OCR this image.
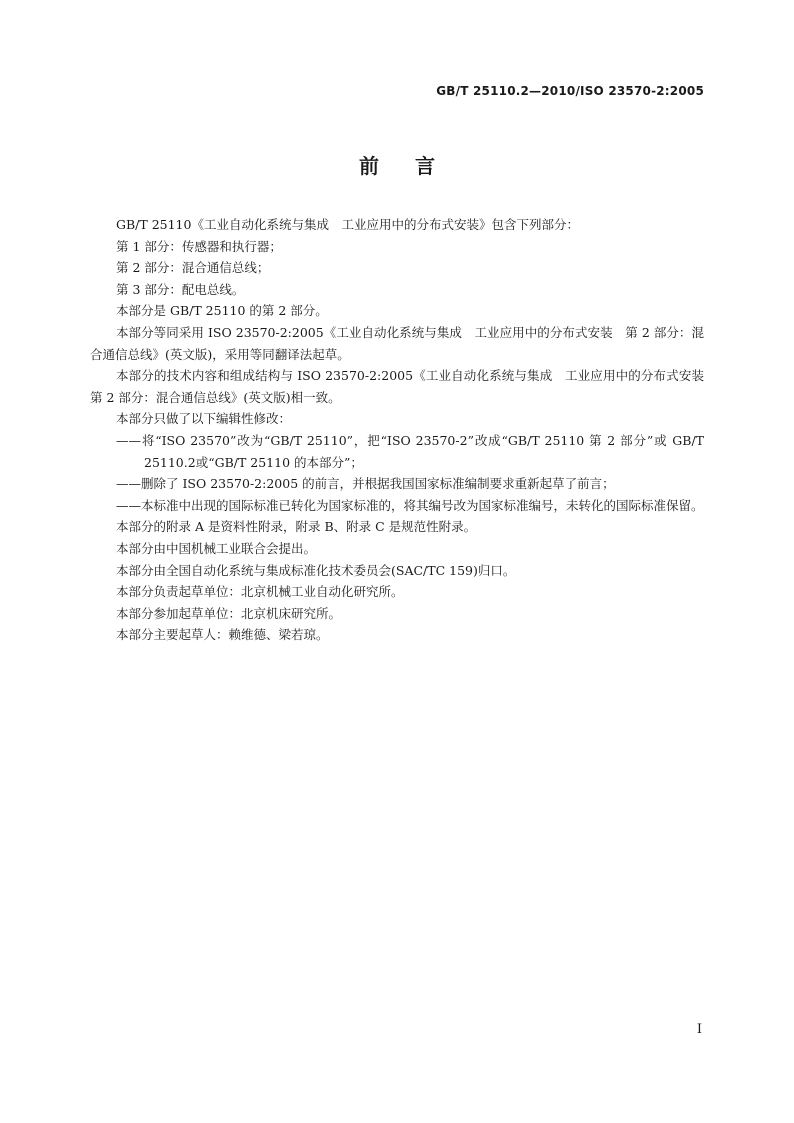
GB/T 25110.2—2010/ISO 23570-2:2005
前言

GB/T 25110《工业自动化系统与集成　工业应用中的分布式安装》包含下列部分：

第 1 部分：传感器和执行器；

第 2 部分：混合通信总线；

第 3 部分：配电总线。

本部分是 GB/T 25110 的第 2 部分。

本部分等同采用 ISO 23570-2:2005《工业自动化系统与集成　工业应用中的分布式安装　第 2 部分：混合通信总线》(英文版)，采用等同翻译法起草。

本部分的技术内容和组成结构与 ISO 23570-2:2005《工业自动化系统与集成　工业应用中的分布式安装　第 2 部分：混合通信总线》(英文版)相一致。

本部分只做了以下编辑性修改：

——将“ISO 23570”改为“GB/T 25110”，把“ISO 23570-2”改成“GB/T 25110 第 2 部分”或 GB/T 25110.2或“GB/T 25110 的本部分”；

——删除了 ISO 23570-2:2005 的前言，并根据我国国家标准编制要求重新起草了前言；

——本标准中出现的国际标准已转化为国家标准的，将其编号改为国家标准编号，未转化的国际标准保留。

本部分的附录 A 是资料性附录，附录 B、附录 C 是规范性附录。

本部分由中国机械工业联合会提出。

本部分由全国自动化系统与集成标准化技术委员会(SAC/TC 159)归口。

本部分负责起草单位：北京机械工业自动化研究所。

本部分参加起草单位：北京机床研究所。

本部分主要起草人：赖维德、梁若琼。

I
